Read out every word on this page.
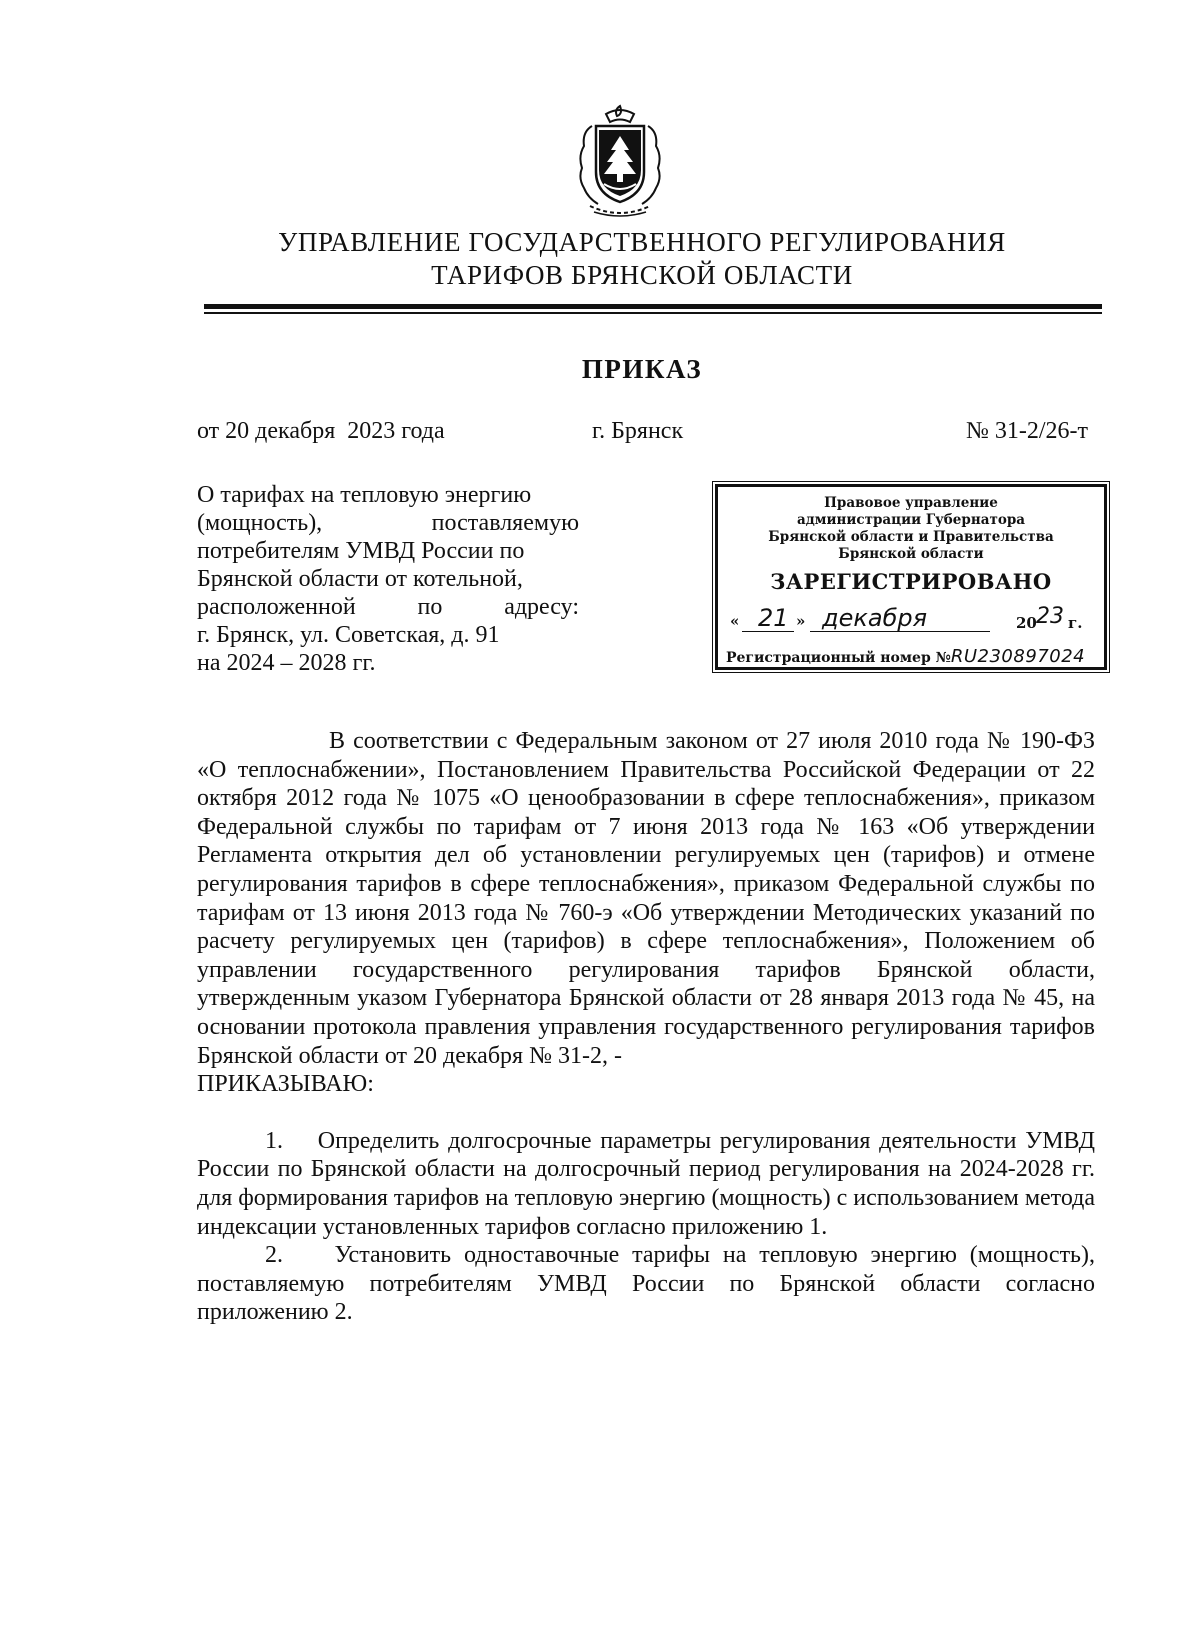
УПРАВЛЕНИЕ ГОСУДАРСТВЕННОГО РЕГУЛИРОВАНИЯ
ТАРИФОВ БРЯНСКОЙ ОБЛАСТИ
ПРИКАЗ
от 20 декабря  2023 года	г. Брянск	№ 31-2/26-т
О тарифах на тепловую энергию
(мощность), поставляемую
потребителям УМВД России по
Брянской области от котельной,
расположенной по адресу:
г. Брянск, ул. Советская, д. 91
на 2024 – 2028 гг.
Правовое управление
администрации Губернатора
Брянской области и Правительства
Брянской области
ЗАРЕГИСТРИРОВАНО
« 21 » декабря	20 23 г.
Регистрационный номер №RU230897024

В соответствии с Федеральным законом от 27 июля 2010 года № 190-ФЗ «О теплоснабжении», Постановлением Правительства Российской Федерации от 22 октября 2012 года № 1075 «О ценообразовании в сфере теплоснабжения», приказом Федеральной службы по тарифам от 7 июня 2013 года № 163 «Об утверждении Регламента открытия дел об установлении регулируемых цен (тарифов) и отмене регулирования тарифов в сфере теплоснабжения», приказом Федеральной службы по тарифам от 13 июня 2013 года № 760-э «Об утверждении Методических указаний по расчету регулируемых цен (тарифов) в сфере теплоснабжения», Положением об управлении государственного регулирования тарифов Брянской области, утвержденным указом Губернатора Брянской области от 28 января 2013 года № 45, на основании протокола правления управления государственного регулирования тарифов Брянской области от 20 декабря № 31-2, -

ПРИКАЗЫВАЮ:

1.    Определить долгосрочные параметры регулирования деятельности УМВД России по Брянской области на долгосрочный период регулирования на 2024-2028 гг. для формирования тарифов на тепловую энергию (мощность) с использованием метода индексации установленных тарифов согласно приложению 1.

2.    Установить одноставочные тарифы на тепловую энергию (мощность), поставляемую потребителям УМВД России по Брянской области согласно приложению 2.
